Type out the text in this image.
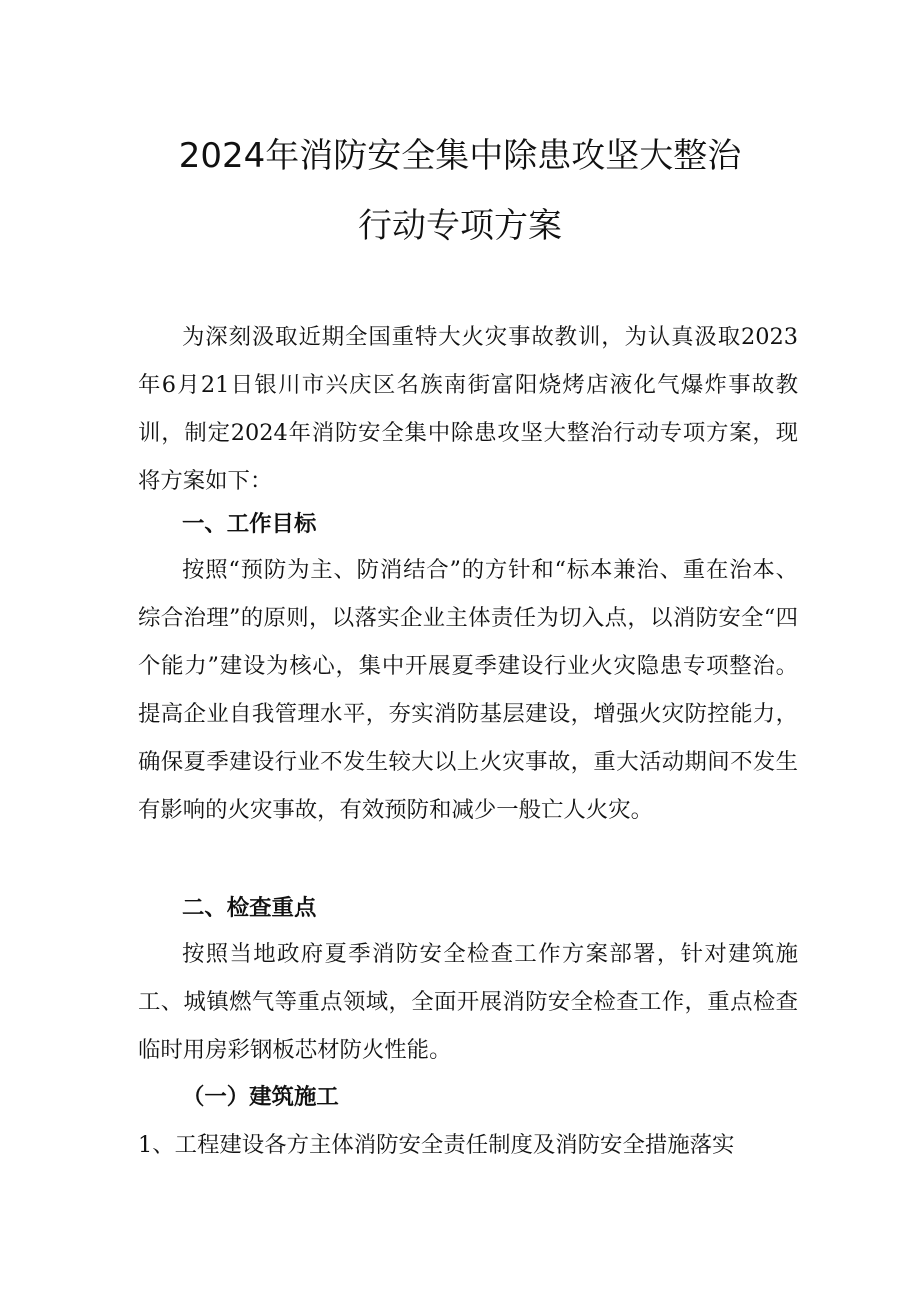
2024年消防安全集中除患攻坚大整治
行动专项方案
为深刻汲取近期全国重特大火灾事故教训，为认真汲取2023年6月21日银川市兴庆区名族南街富阳烧烤店液化气爆炸事故教训，制定2024年消防安全集中除患攻坚大整治行动专项方案，现将方案如下：
一、工作目标
按照“预防为主、防消结合”的方针和“标本兼治、重在治本、综合治理”的原则，以落实企业主体责任为切入点，以消防安全“四个能力”建设为核心，集中开展夏季建设行业火灾隐患专项整治。提高企业自我管理水平，夯实消防基层建设，增强火灾防控能力，确保夏季建设行业不发生较大以上火灾事故，重大活动期间不发生有影响的火灾事故，有效预防和减少一般亡人火灾。
二、检查重点
按照当地政府夏季消防安全检查工作方案部署，针对建筑施工、城镇燃气等重点领域，全面开展消防安全检查工作，重点检查临时用房彩钢板芯材防火性能。
（一）建筑施工
1、工程建设各方主体消防安全责任制度及消防安全措施落实
